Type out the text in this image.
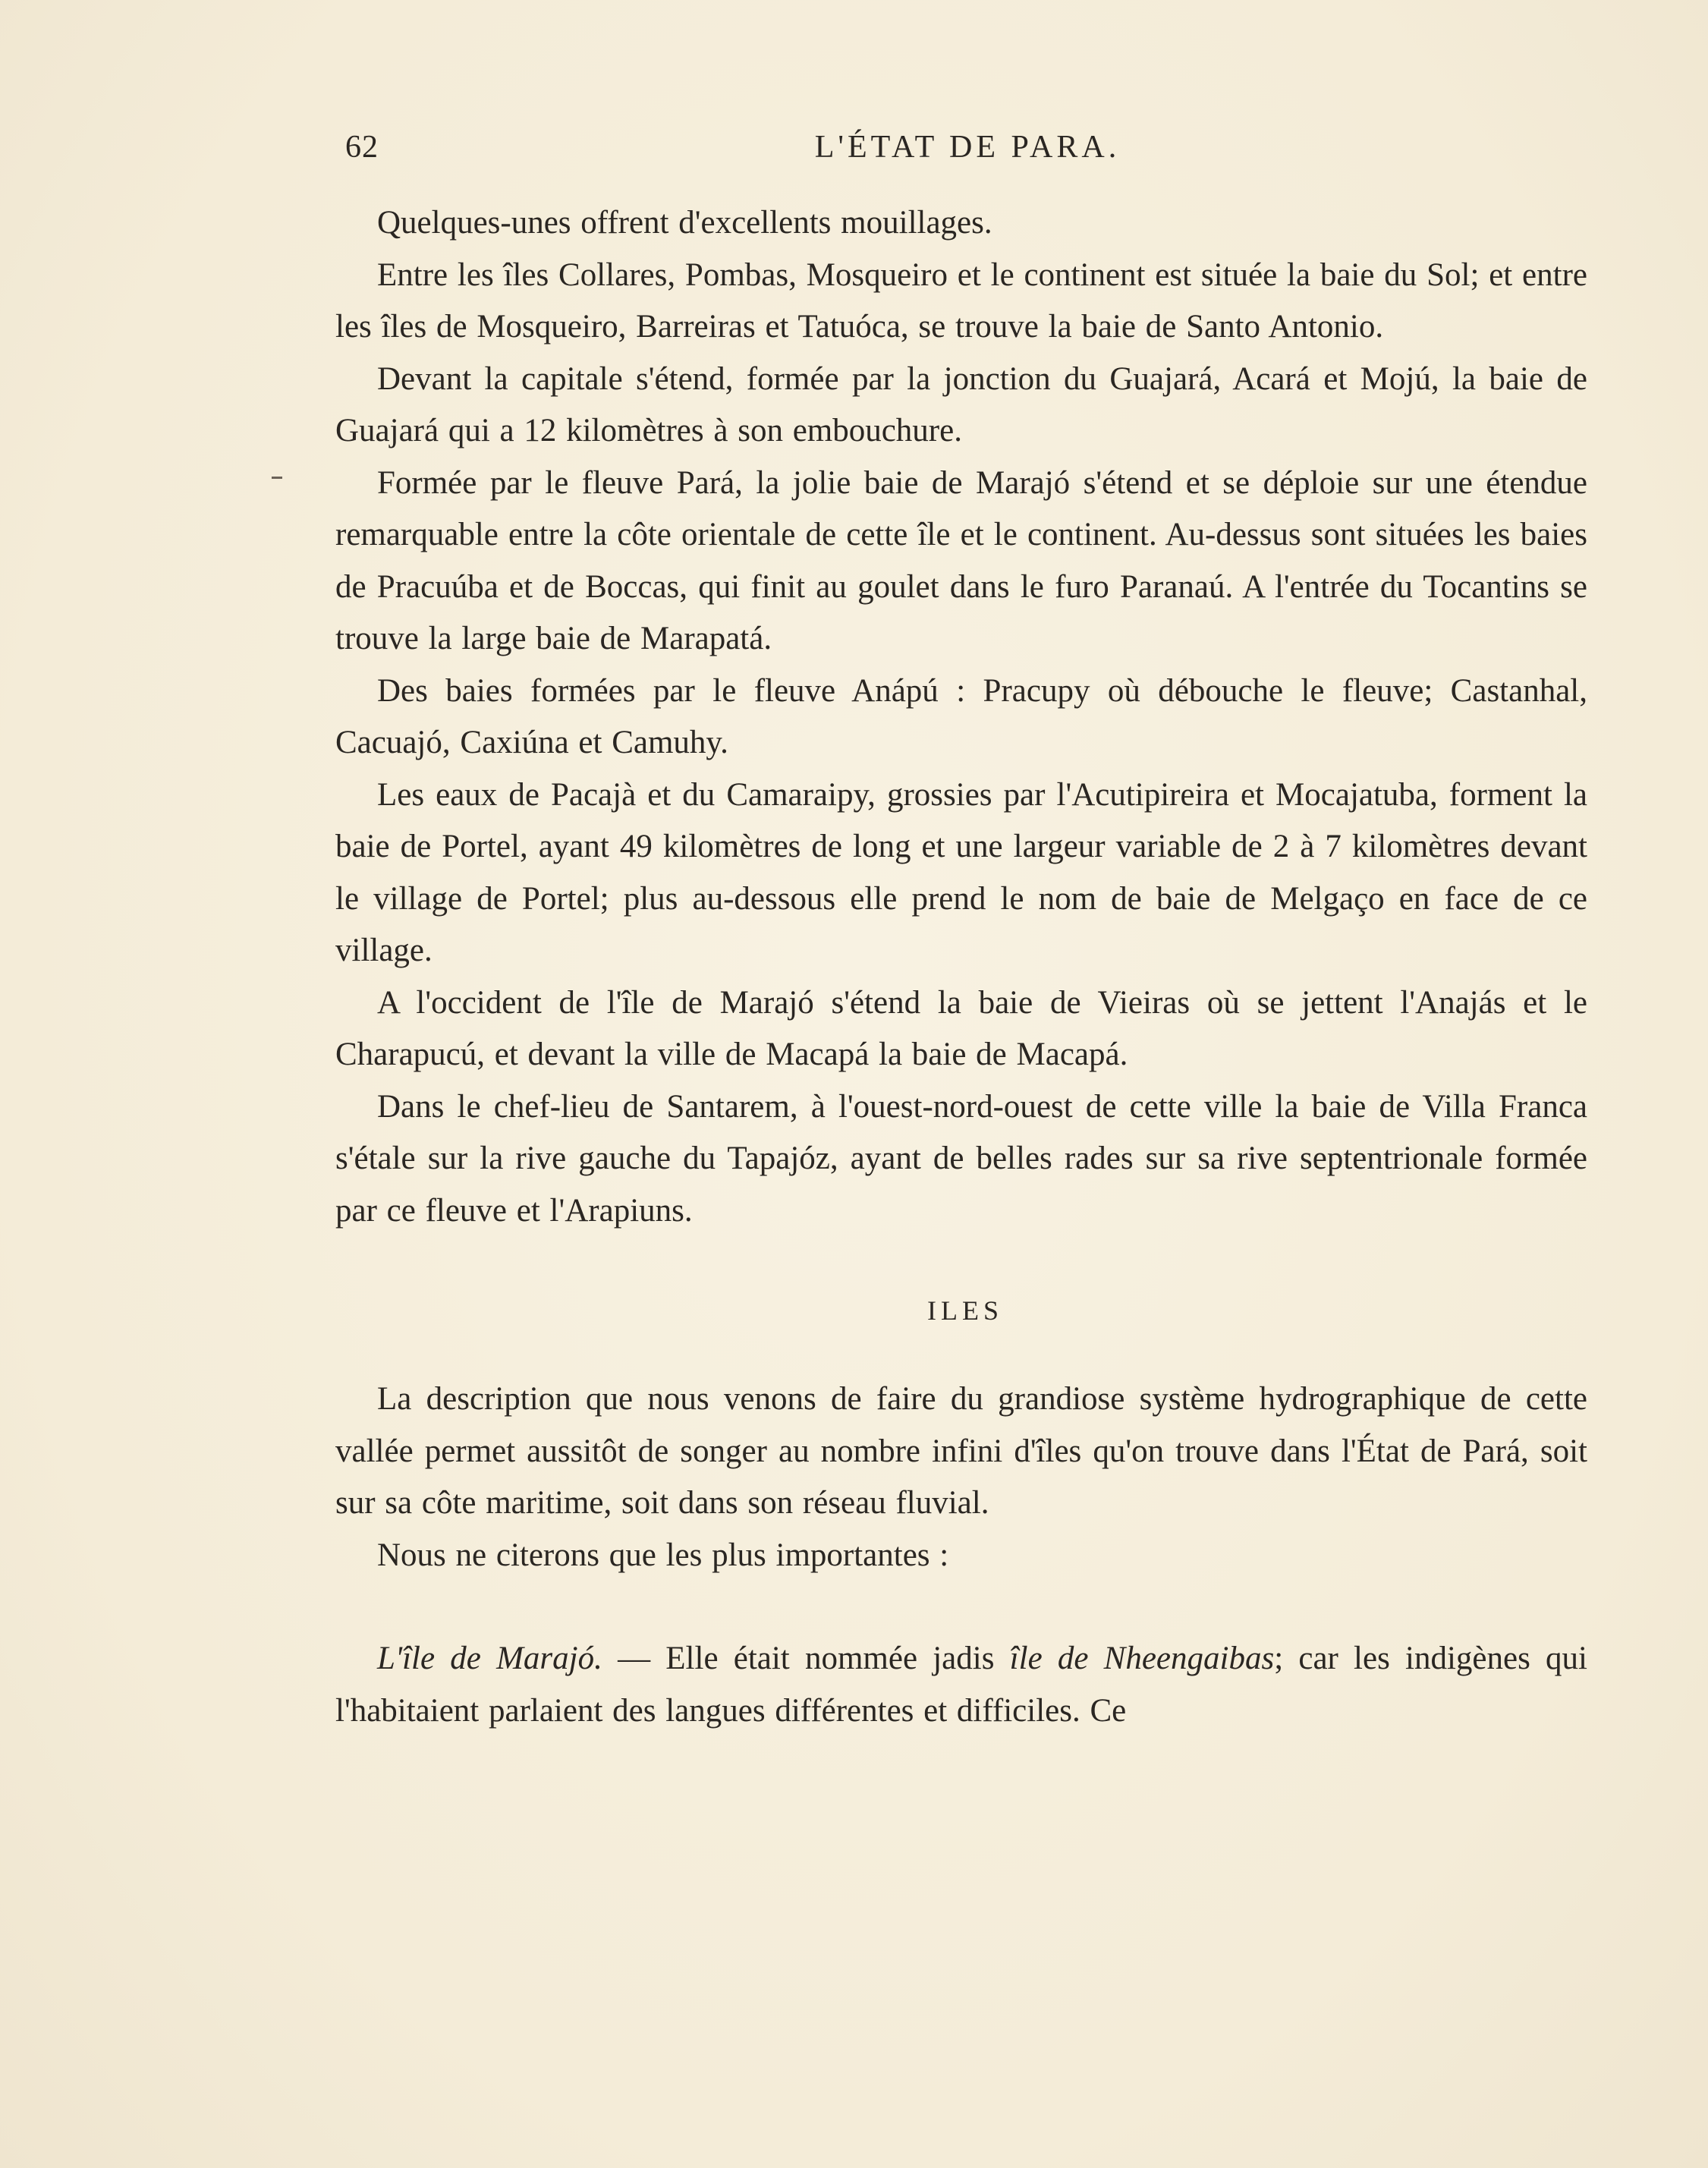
62	L'ÉTAT DE PARA.

Quelques-unes offrent d'excellents mouillages.

Entre les îles Collares, Pombas, Mosqueiro et le continent est située la baie du Sol; et entre les îles de Mosqueiro, Barreiras et Tatuóca, se trouve la baie de Santo Antonio.

Devant la capitale s'étend, formée par la jonction du Guajará, Acará et Mojú, la baie de Guajará qui a 12 kilomètres à son embouchure.

Formée par le fleuve Pará, la jolie baie de Marajó s'étend et se déploie sur une étendue remarquable entre la côte orientale de cette île et le continent. Au-dessus sont situées les baies de Pracuúba et de Boccas, qui finit au goulet dans le furo Paranaú. A l'entrée du Tocantins se trouve la large baie de Marapatá.

Des baies formées par le fleuve Anápú : Pracupy où débouche le fleuve; Castanhal, Cacuajó, Caxiúna et Camuhy.

Les eaux de Pacajà et du Camaraipy, grossies par l'Acutipireira et Mocajatuba, forment la baie de Portel, ayant 49 kilomètres de long et une largeur variable de 2 à 7 kilomètres devant le village de Portel; plus au-dessous elle prend le nom de baie de Melgaço en face de ce village.

A l'occident de l'île de Marajó s'étend la baie de Vieiras où se jettent l'Anajás et le Charapucú, et devant la ville de Macapá la baie de Macapá.

Dans le chef-lieu de Santarem, à l'ouest-nord-ouest de cette ville la baie de Villa Franca s'étale sur la rive gauche du Tapajóz, ayant de belles rades sur sa rive septentrionale formée par ce fleuve et l'Arapiuns.

ILES

La description que nous venons de faire du grandiose système hydrographique de cette vallée permet aussitôt de songer au nombre infini d'îles qu'on trouve dans l'État de Pará, soit sur sa côte maritime, soit dans son réseau fluvial.

Nous ne citerons que les plus importantes :

L'île de Marajó. — Elle était nommée jadis île de Nheengaibas; car les indigènes qui l'habitaient parlaient des langues différentes et difficiles. Ce
